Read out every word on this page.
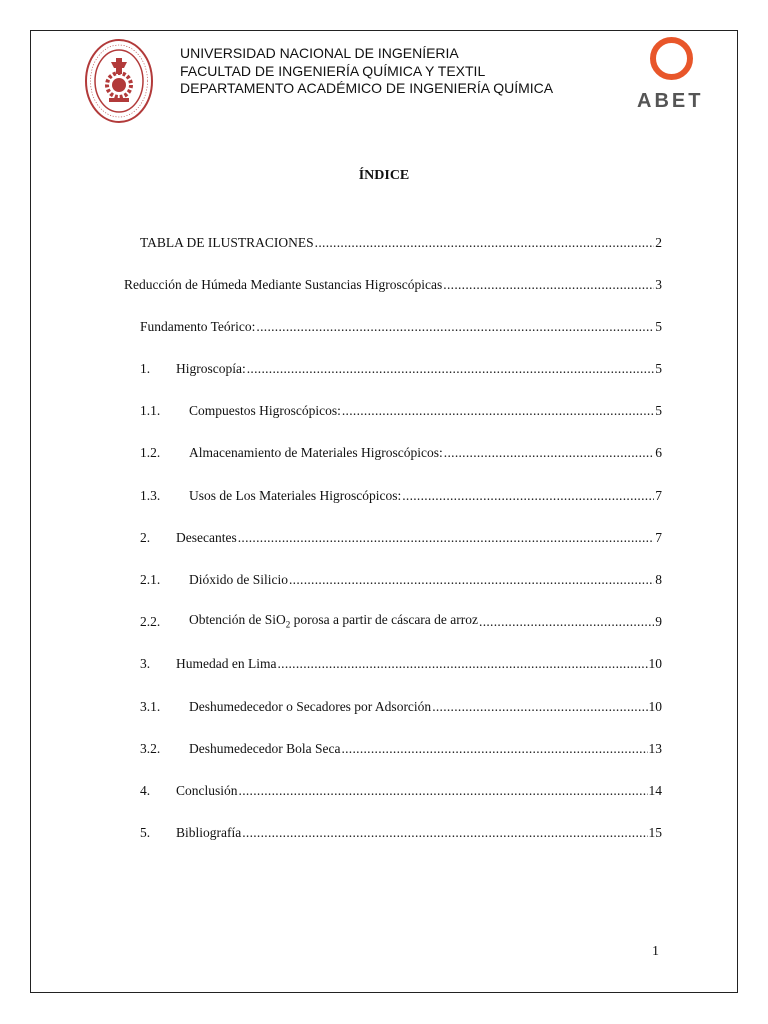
UNIVERSIDAD NACIONAL DE INGENÍERIA
FACULTAD DE INGENIERÍA QUÍMICA Y TEXTIL
DEPARTAMENTO ACADÉMICO DE INGENIERÍA QUÍMICA
ABET
ÍNDICE
TABLA DE ILUSTRACIONES .....	2
Reducción de Húmeda Mediante Sustancias Higroscópicas .....	3
Fundamento Teórico: .....	5
1.	Higroscopía: .....	5
1.1.	Compuestos Higroscópicos: .....	5
1.2.	Almacenamiento de Materiales Higroscópicos: .....	6
1.3.	Usos de Los Materiales Higroscópicos: .....	7
2.	Desecantes .....	7
2.1.	Dióxido de Silicio .....	8
2.2.	Obtención de SiO$_2$ porosa a partir de cáscara de arroz .....	9
3.	Humedad en Lima .....	10
3.1.	Deshumedecedor o Secadores por Adsorción .....	10
3.2.	Deshumedecedor Bola Seca .....	13
4.	Conclusión .....	14
5.	Bibliografía .....	15
1
